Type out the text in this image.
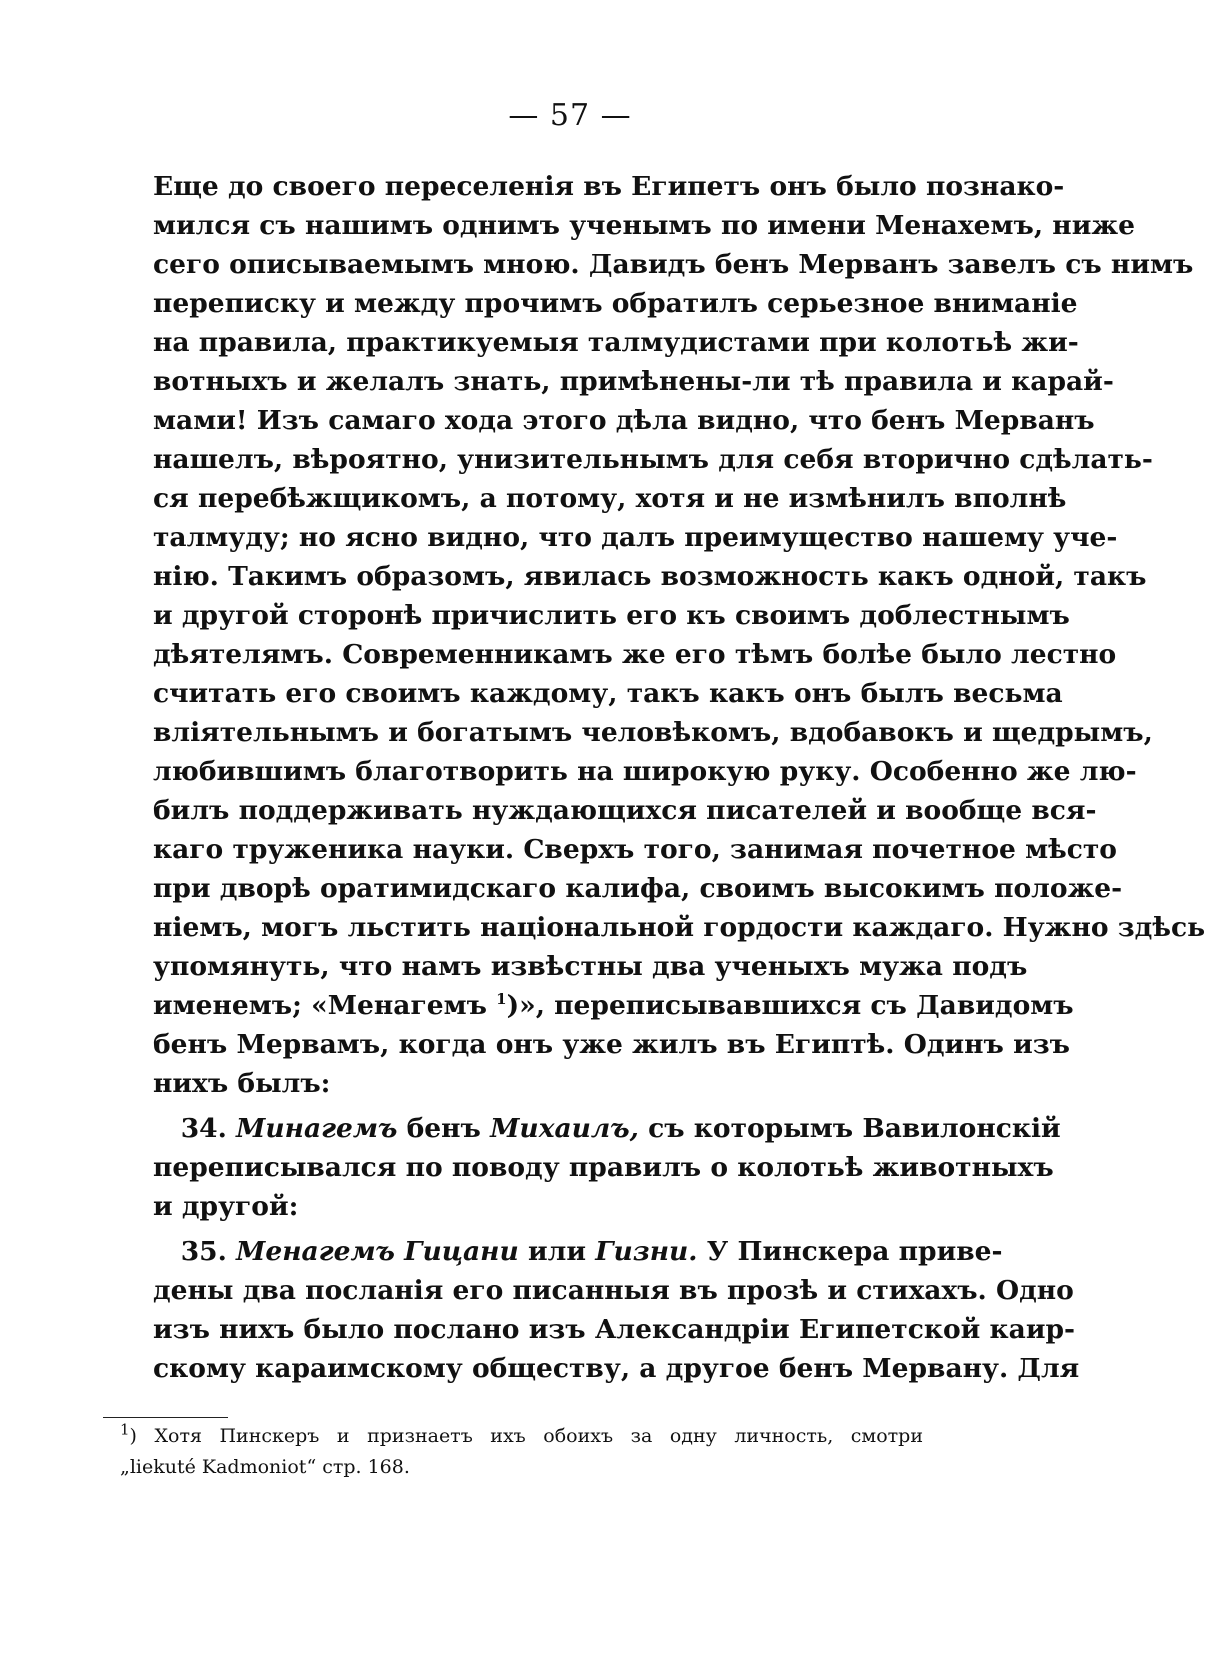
— 57 —
Еще до своего переселенія въ Египетъ онъ было познако-
мился съ нашимъ однимъ ученымъ по имени Менахемъ, ниже
сего описываемымъ мною. Давидъ бенъ Мерванъ завелъ съ нимъ
переписку и между прочимъ обратилъ серьезное вниманіе
на правила, практикуемыя талмудистами при колотьѣ жи-
вотныхъ и желалъ знать, примѣнены-ли тѣ правила и карай-
мами! Изъ самаго хода этого дѣла видно, что бенъ Мерванъ
нашелъ, вѣроятно, унизительнымъ для себя вторично сдѣлать-
ся перебѣжщикомъ, а потому, хотя и не измѣнилъ вполнѣ
талмуду; но ясно видно, что далъ преимущество нашему уче-
нію. Такимъ образомъ, явилась возможность какъ одной, такъ
и другой сторонѣ причислить его къ своимъ доблестнымъ
дѣятелямъ. Современникамъ же его тѣмъ болѣе было лестно
считать его своимъ каждому, такъ какъ онъ былъ весьма
вліятельнымъ и богатымъ человѣкомъ, вдобавокъ и щедрымъ,
любившимъ благотворить на широкую руку. Особенно же лю-
билъ поддерживать нуждающихся писателей и вообще вся-
каго труженика науки. Сверхъ того, занимая почетное мѣсто
при дворѣ оратимидскаго калифа, своимъ высокимъ положе-
ніемъ, могъ льстить національной гордости каждаго. Нужно здѣсь
упомянуть, что намъ извѣстны два ученыхъ мужа подъ
именемъ; «Менагемъ $^1$)», переписывавшихся съ Давидомъ
бенъ Мервамъ, когда онъ уже жилъ въ Египтѣ. Одинъ изъ
нихъ былъ:
34. Минагемъ бенъ Михаилъ, съ которымъ Вавилонскій
переписывался по поводу правилъ о колотьѣ животныхъ
и другой:
35. Менагемъ Гицани или Гизни. У Пинскера приве-
дены два посланія его писанныя въ прозѣ и стихахъ. Одно
изъ нихъ было послано изъ Александріи Египетской каир-
скому караимскому обществу, а другое бенъ Мервану. Для
$^1$) Хотя Пинскеръ и признаетъ ихъ обоихъ за одну личность, смотри
„liekuté Kadmoniot“ стр. 168.
